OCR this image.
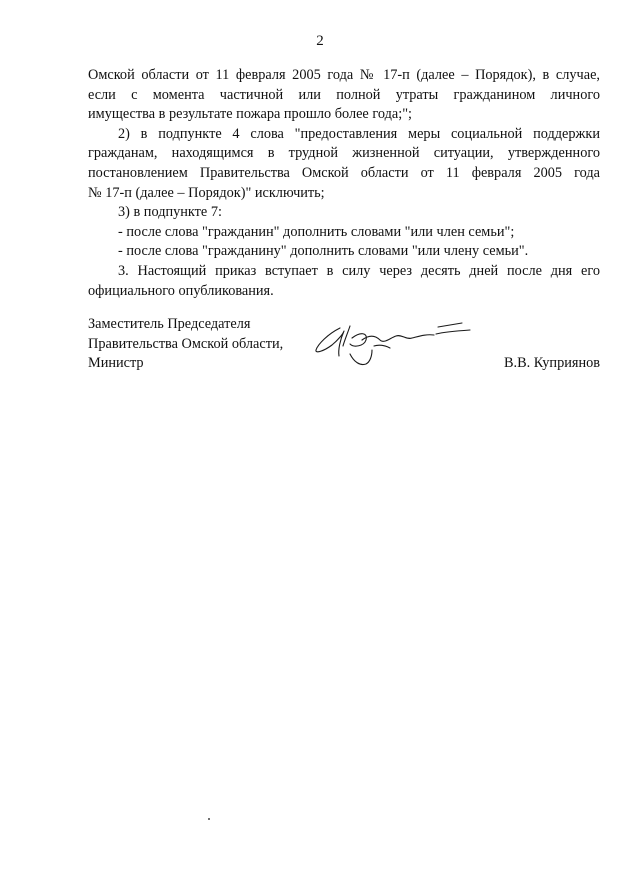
2
Омской области от 11 февраля 2005 года № 17-п (далее – Порядок), в случае,
если с момента частичной или полной утраты гражданином личного
имущества в результате пожара прошло более года;";
2) в подпункте 4 слова "предоставления меры социальной поддержки
гражданам, находящимся в трудной жизненной ситуации, утвержденного
постановлением Правительства Омской области от 11 февраля 2005 года
№ 17-п (далее – Порядок)" исключить;
3) в подпункте 7:
- после слова "гражданин" дополнить словами "или член семьи";
- после слова "гражданину" дополнить словами "или члену семьи".
3. Настоящий приказ вступает в силу через десять дней после дня его
официального опубликования.
Заместитель Председателя
Правительства Омской области,
Министр	В.В. Куприянов
